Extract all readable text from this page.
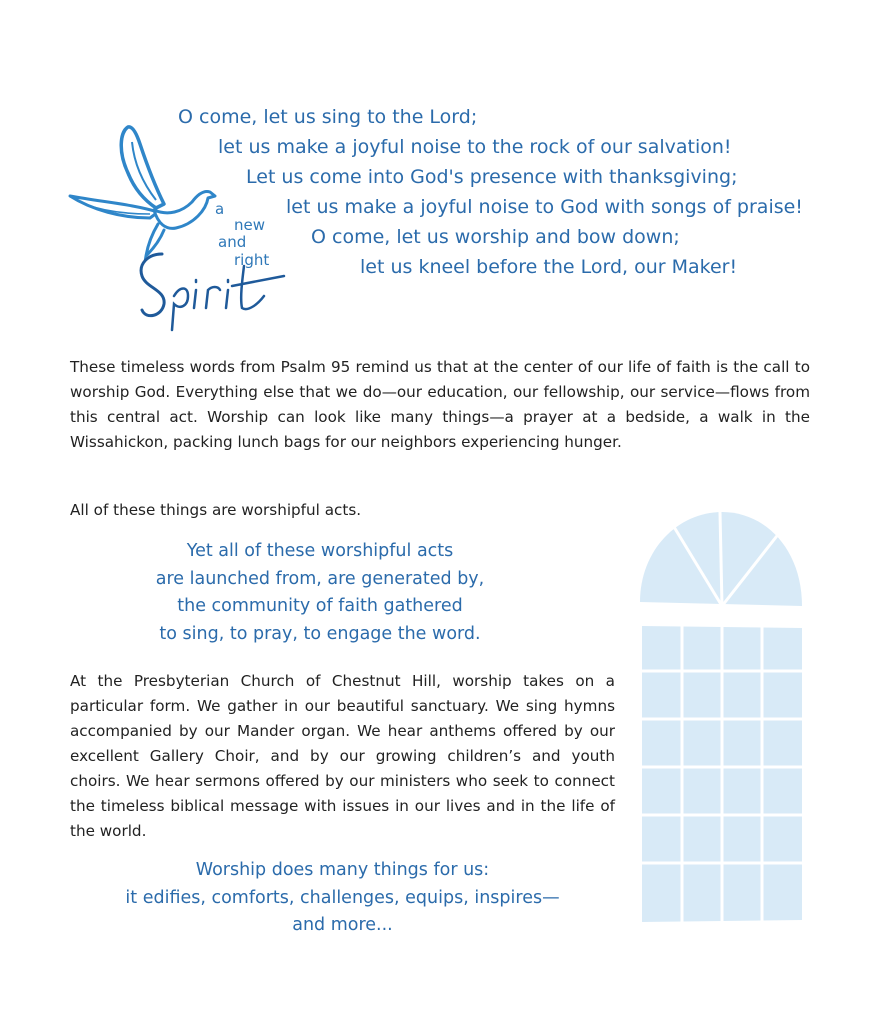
a
new
and
right
O come, let us sing to the Lord;
let us make a joyful noise to the rock of our salvation!
Let us come into God's presence with thanksgiving;
let us make a joyful noise to God with songs of praise!
O come, let us worship and bow down;
let us kneel before the Lord, our Maker!

These timeless words from Psalm 95 remind us that at the center of our life of faith is the call to worship God. Everything else that we do—our education, our fellowship, our service—flows from this central act. Worship can look like many things—a prayer at a bedside, a walk in the Wissahickon, packing lunch bags for our neighbors experiencing hunger.

All of these things are worshipful acts.

Yet all of these worshipful acts
are launched from, are generated by,
the community of faith gathered
to sing, to pray, to engage the word.

At the Presbyterian Church of Chestnut Hill, worship takes on a particular form. We gather in our beautiful sanctuary. We sing hymns accompanied by our Mander organ. We hear anthems offered by our excellent Gallery Choir, and by our growing children’s and youth choirs. We hear sermons offered by our ministers who seek to connect the timeless biblical message with issues in our lives and in the life of the world.

Worship does many things for us:
it edifies, comforts, challenges, equips, inspires—
and more...
